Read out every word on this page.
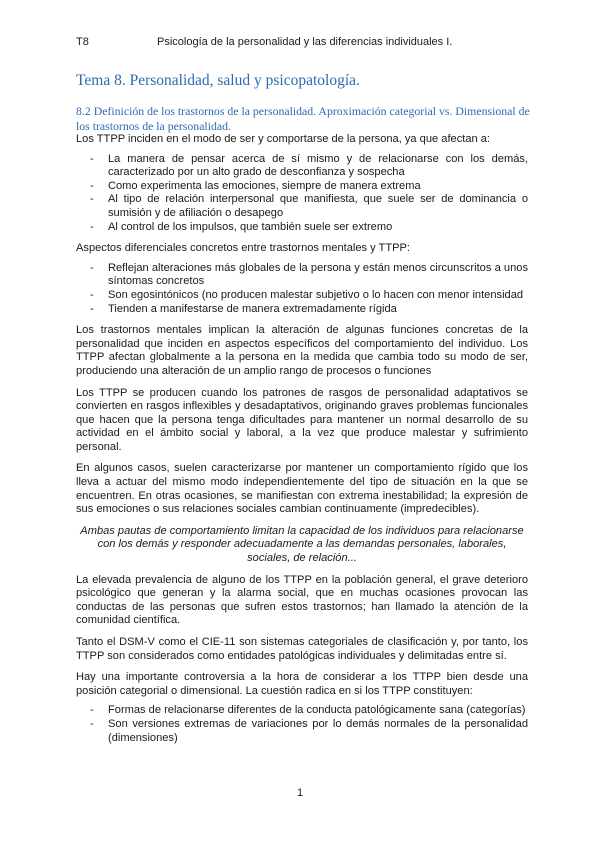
T8	Psicología de la personalidad y las diferencias individuales I.
Tema 8. Personalidad, salud y psicopatología.
8.2 Definición de los trastornos de la personalidad. Aproximación categorial vs. Dimensional de los trastornos de la personalidad.

Los TTPP inciden en el modo de ser y comportarse de la persona, ya que afectan a:

- La manera de pensar acerca de sí mismo y de relacionarse con los demás, caracterizado por un alto grado de desconfianza y sospecha
- Como experimenta las emociones, siempre de manera extrema
- Al tipo de relación interpersonal que manifiesta, que suele ser de dominancia o sumisión y de afiliación o desapego
- Al control de los impulsos, que también suele ser extremo

Aspectos diferenciales concretos entre trastornos mentales y TTPP:

- Reflejan alteraciones más globales de la persona y están menos circunscritos a unos síntomas concretos
- Son egosintónicos (no producen malestar subjetivo o lo hacen con menor intensidad
- Tienden a manifestarse de manera extremadamente rígida

Los trastornos mentales implican la alteración de algunas funciones concretas de la personalidad que inciden en aspectos específicos del comportamiento del individuo. Los TTPP afectan globalmente a la persona en la medida que cambia todo su modo de ser, produciendo una alteración de un amplio rango de procesos o funciones

Los TTPP se producen cuando los patrones de rasgos de personalidad adaptativos se convierten en rasgos inflexibles y desadaptativos, originando graves problemas funcionales que hacen que la persona tenga dificultades para mantener un normal desarrollo de su actividad en el ámbito social y laboral, a la vez que produce malestar y sufrimiento personal.

En algunos casos, suelen caracterizarse por mantener un comportamiento rígido que los lleva a actuar del mismo modo independientemente del tipo de situación en la que se encuentren. En otras ocasiones, se manifiestan con extrema inestabilidad; la expresión de sus emociones o sus relaciones sociales cambian continuamente (impredecibles).

Ambas pautas de comportamiento limitan la capacidad de los individuos para relacionarse con los demás y responder adecuadamente a las demandas personales, laborales, sociales, de relación...

La elevada prevalencia de alguno de los TTPP en la población general, el grave deterioro psicológico que generan y la alarma social, que en muchas ocasiones provocan las conductas de las personas que sufren estos trastornos; han llamado la atención de la comunidad científica.

Tanto el DSM-V como el CIE-11 son sistemas categoriales de clasificación y, por tanto, los TTPP son considerados como entidades patológicas individuales y delimitadas entre sí.

Hay una importante controversia a la hora de considerar a los TTPP bien desde una posición categorial o dimensional. La cuestión radica en si los TTPP constituyen:

- Formas de relacionarse diferentes de la conducta patológicamente sana (categorías)
- Son versiones extremas de variaciones por lo demás normales de la personalidad (dimensiones)
1
